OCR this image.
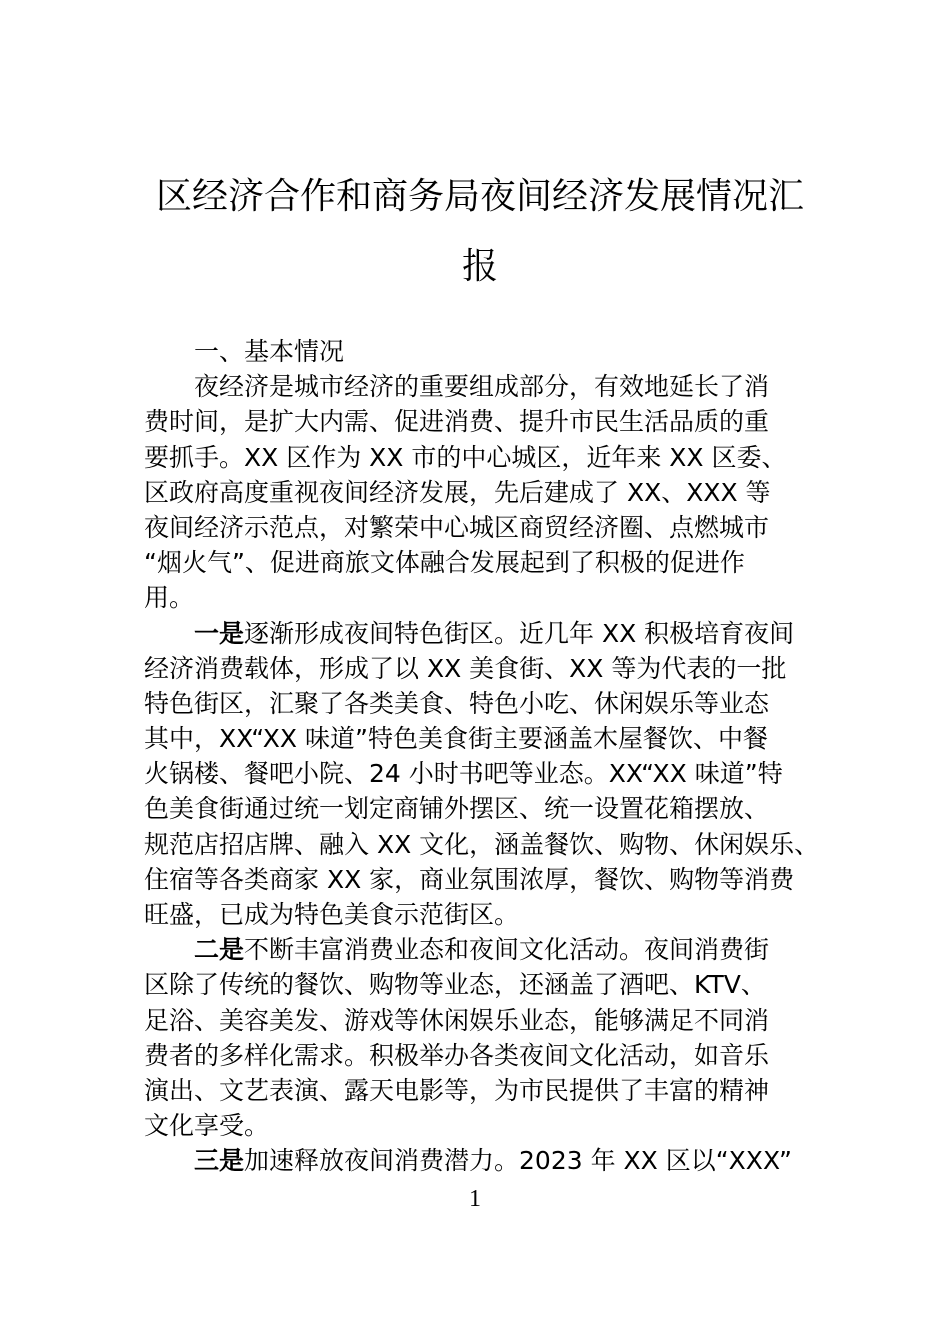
区经济合作和商务局夜间经济发展情况汇
报
一、基本情况
夜经济是城市经济的重要组成部分，有效地延长了消
费时间，是扩大内需、促进消费、提升市民生活品质的重
要抓手。XX 区作为 XX 市的中心城区，近年来 XX 区委、
区政府高度重视夜间经济发展，先后建成了 XX、XXX 等
夜间经济示范点，对繁荣中心城区商贸经济圈、点燃城市
“烟火气”、促进商旅文体融合发展起到了积极的促进作
用。
一是逐渐形成夜间特色街区。近几年 XX 积极培育夜间
经济消费载体，形成了以 XX 美食街、XX 等为代表的一批
特色街区，汇聚了各类美食、特色小吃、休闲娱乐等业态
其中，XX“XX 味道”特色美食街主要涵盖木屋餐饮、中餐
火锅楼、餐吧小院、24 小时书吧等业态。XX“XX 味道”特
色美食街通过统一划定商铺外摆区、统一设置花箱摆放、
规范店招店牌、融入 XX 文化，涵盖餐饮、购物、休闲娱乐、
住宿等各类商家 XX 家，商业氛围浓厚，餐饮、购物等消费
旺盛，已成为特色美食示范街区。
二是不断丰富消费业态和夜间文化活动。夜间消费街
区除了传统的餐饮、购物等业态，还涵盖了酒吧、KTV、
足浴、美容美发、游戏等休闲娱乐业态，能够满足不同消
费者的多样化需求。积极举办各类夜间文化活动，如音乐
演出、文艺表演、露天电影等，为市民提供了丰富的精神
文化享受。
三是加速释放夜间消费潜力。2023 年 XX 区以“XXX”
1
